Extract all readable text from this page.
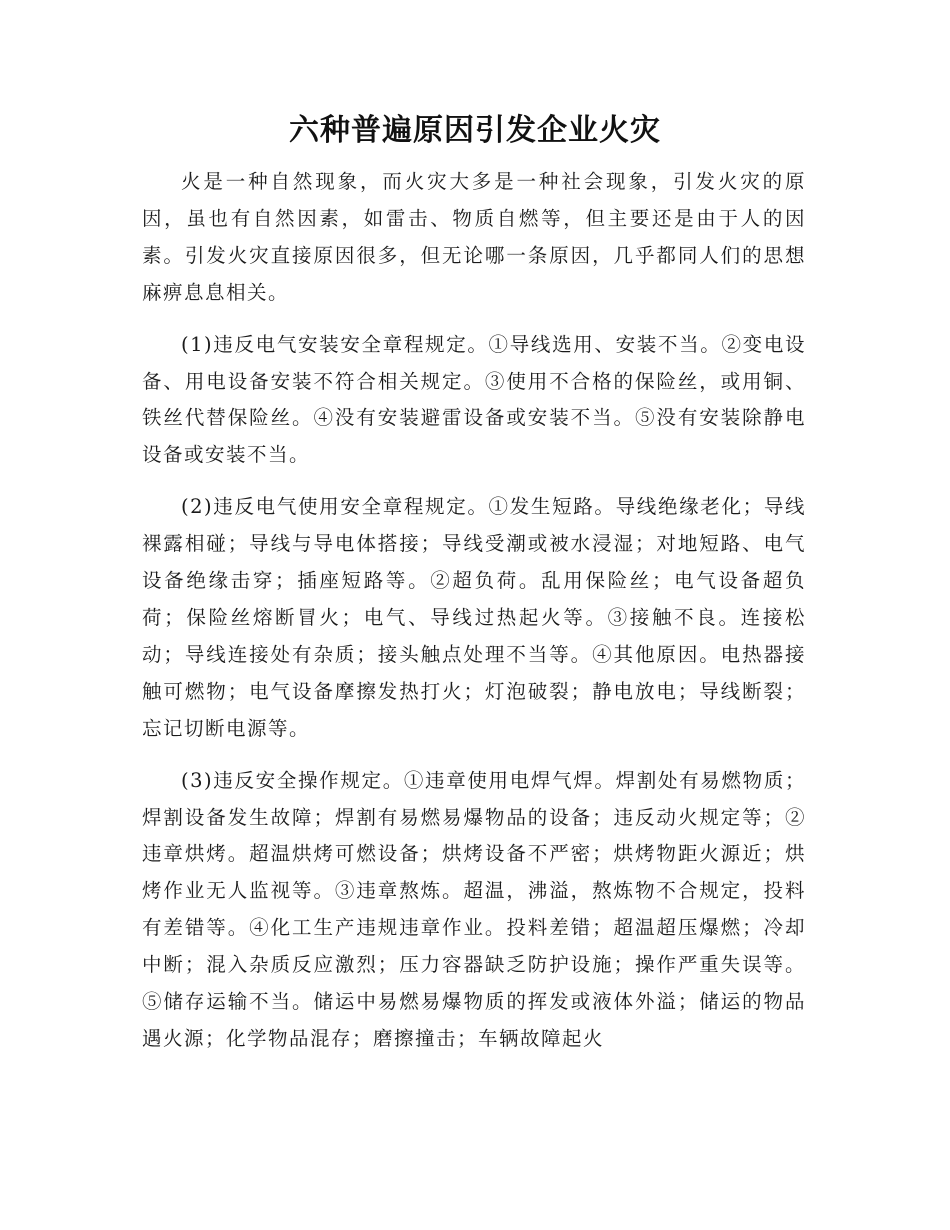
六种普遍原因引发企业火灾

火是一种自然现象，而火灾大多是一种社会现象，引发火灾的原因，虽也有自然因素，如雷击、物质自燃等，但主要还是由于人的因素。引发火灾直接原因很多，但无论哪一条原因，几乎都同人们的思想麻痹息息相关。

(1)违反电气安装安全章程规定。①导线选用、安装不当。②变电设备、用电设备安装不符合相关规定。③使用不合格的保险丝，或用铜、铁丝代替保险丝。④没有安装避雷设备或安装不当。⑤没有安装除静电设备或安装不当。

(2)违反电气使用安全章程规定。①发生短路。导线绝缘老化；导线裸露相碰；导线与导电体搭接；导线受潮或被水浸湿；对地短路、电气设备绝缘击穿；插座短路等。②超负荷。乱用保险丝；电气设备超负荷；保险丝熔断冒火；电气、导线过热起火等。③接触不良。连接松动；导线连接处有杂质；接头触点处理不当等。④其他原因。电热器接触可燃物；电气设备摩擦发热打火；灯泡破裂；静电放电；导线断裂；忘记切断电源等。

(3)违反安全操作规定。①违章使用电焊气焊。焊割处有易燃物质；焊割设备发生故障；焊割有易燃易爆物品的设备；违反动火规定等；②违章烘烤。超温烘烤可燃设备；烘烤设备不严密；烘烤物距火源近；烘烤作业无人监视等。③违章熬炼。超温，沸溢，熬炼物不合规定，投料有差错等。④化工生产违规违章作业。投料差错；超温超压爆燃；冷却中断；混入杂质反应激烈；压力容器缺乏防护设施；操作严重失误等。⑤储存运输不当。储运中易燃易爆物质的挥发或液体外溢；储运的物品遇火源；化学物品混存；磨擦撞击；车辆故障起火
